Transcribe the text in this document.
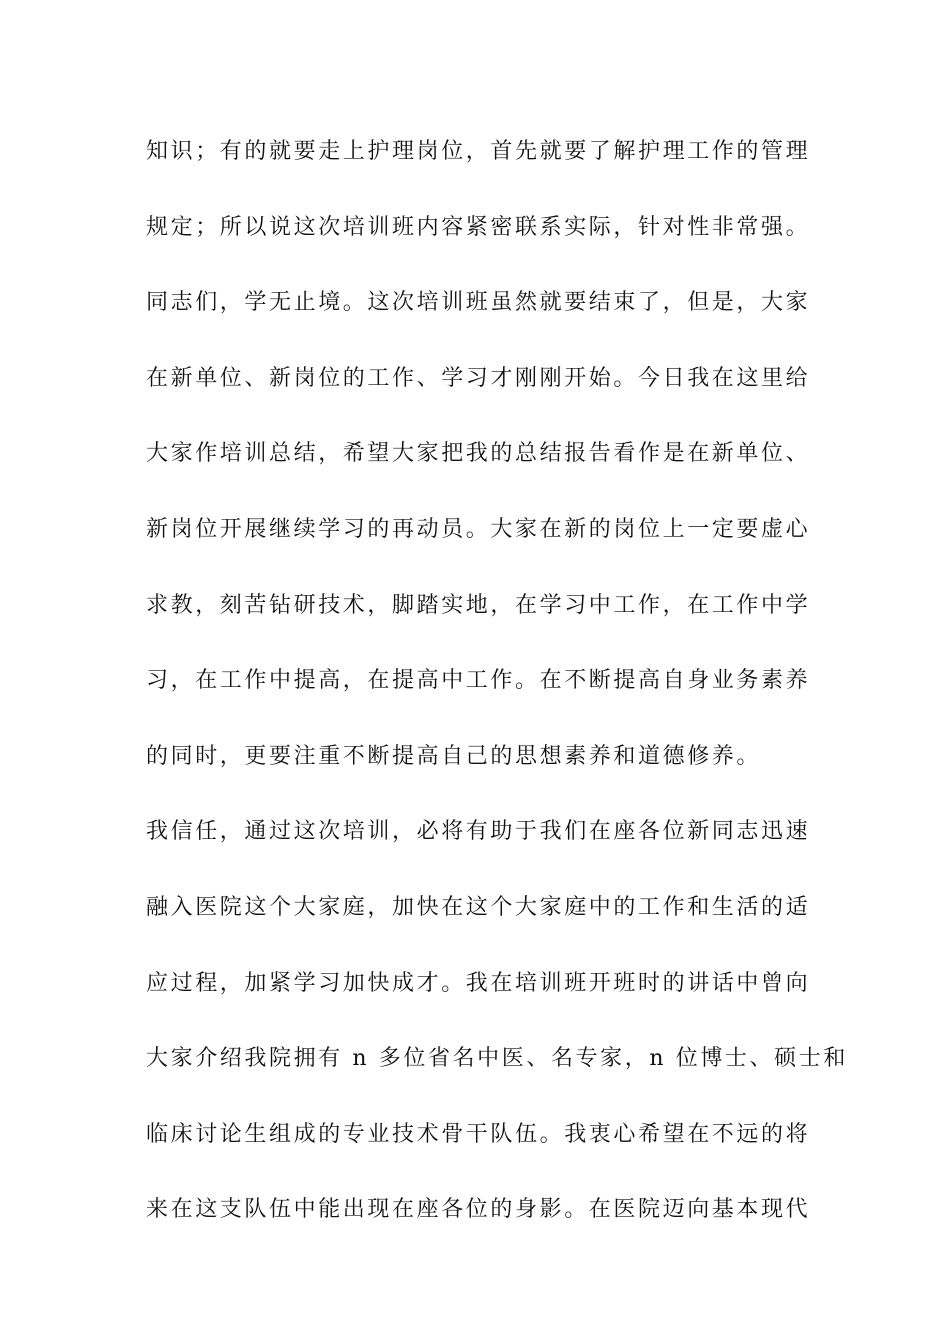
知识；有的就要走上护理岗位，首先就要了解护理工作的管理
规定；所以说这次培训班内容紧密联系实际，针对性非常强。
同志们，学无止境。这次培训班虽然就要结束了，但是，大家
在新单位、新岗位的工作、学习才刚刚开始。今日我在这里给
大家作培训总结，希望大家把我的总结报告看作是在新单位、
新岗位开展继续学习的再动员。大家在新的岗位上一定要虚心
求教，刻苦钻研技术，脚踏实地，在学习中工作，在工作中学
习，在工作中提高，在提高中工作。在不断提高自身业务素养
的同时，更要注重不断提高自己的思想素养和道德修养。
我信任，通过这次培训，必将有助于我们在座各位新同志迅速
融入医院这个大家庭，加快在这个大家庭中的工作和生活的适
应过程，加紧学习加快成才。我在培训班开班时的讲话中曾向
大家介绍我院拥有 n 多位省名中医、名专家，n 位博士、硕士和
临床讨论生组成的专业技术骨干队伍。我衷心希望在不远的将
来在这支队伍中能出现在座各位的身影。在医院迈向基本现代
